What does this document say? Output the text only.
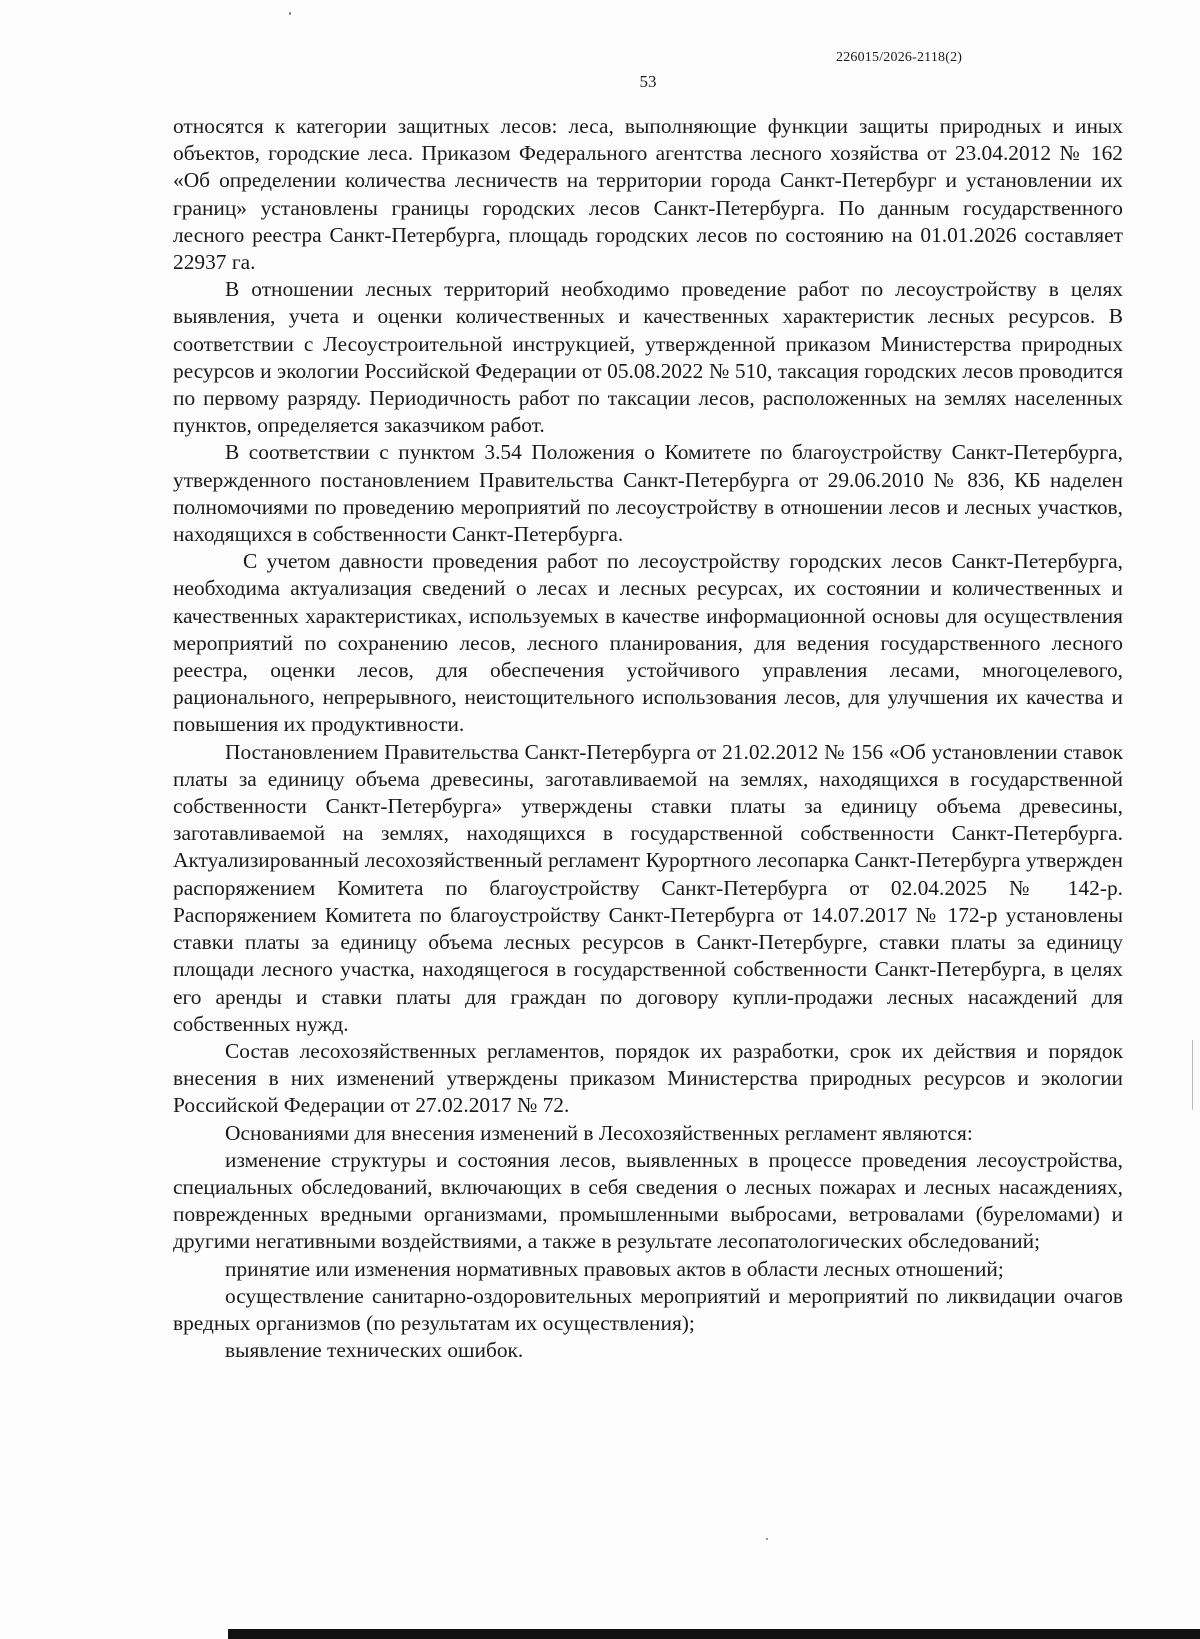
226015/2026-2118(2)
53

относятся к категории защитных лесов: леса, выполняющие функции защиты природных и иных объектов, городские леса. Приказом Федерального агентства лесного хозяйства от 23.04.2012 № 162 «Об определении количества лесничеств на территории города Санкт-Петербург и установлении их границ» установлены границы городских лесов Санкт-Петербурга. По данным государственного лесного реестра Санкт-Петербурга, площадь городских лесов по состоянию на 01.01.2026 составляет 22937 га.

В отношении лесных территорий необходимо проведение работ по лесоустройству в целях выявления, учета и оценки количественных и качественных характеристик лесных ресурсов. В соответствии с Лесоустроительной инструкцией, утвержденной приказом Министерства природных ресурсов и экологии Российской Федерации от 05.08.2022 № 510, таксация городских лесов проводится по первому разряду. Периодичность работ по таксации лесов, расположенных на землях населенных пунктов, определяется заказчиком работ.

В соответствии с пунктом 3.54 Положения о Комитете по благоустройству Санкт-Петербурга, утвержденного постановлением Правительства Санкт-Петербурга от 29.06.2010 № 836, КБ наделен полномочиями по проведению мероприятий по лесоустройству в отношении лесов и лесных участков, находящихся в собственности Санкт-Петербурга.

С учетом давности проведения работ по лесоустройству городских лесов Санкт-Петербурга, необходима актуализация сведений о лесах и лесных ресурсах, их состоянии и количественных и качественных характеристиках, используемых в качестве информационной основы для осуществления мероприятий по сохранению лесов, лесного планирования, для ведения государственного лесного реестра, оценки лесов, для обеспечения устойчивого управления лесами, многоцелевого, рационального, непрерывного, неистощительного использования лесов, для улучшения их качества и повышения их продуктивности.

Постановлением Правительства Санкт-Петербурга от 21.02.2012 № 156 «Об установлении ставок платы за единицу объема древесины, заготавливаемой на землях, находящихся в государственной собственности Санкт-Петербурга» утверждены ставки платы за единицу объема древесины, заготавливаемой на землях, находящихся в государственной собственности Санкт-Петербурга. Актуализированный лесохозяйственный регламент Курортного лесопарка Санкт-Петербурга утвержден распоряжением Комитета по благоустройству Санкт-Петербурга от 02.04.2025 № 142-р. Распоряжением Комитета по благоустройству Санкт-Петербурга от 14.07.2017 № 172-р установлены ставки платы за единицу объема лесных ресурсов в Санкт-Петербурге, ставки платы за единицу площади лесного участка, находящегося в государственной собственности Санкт-Петербурга, в целях его аренды и ставки платы для граждан по договору купли-продажи лесных насаждений для собственных нужд.

Состав лесохозяйственных регламентов, порядок их разработки, срок их действия и порядок внесения в них изменений утверждены приказом Министерства природных ресурсов и экологии Российской Федерации от 27.02.2017 № 72.

Основаниями для внесения изменений в Лесохозяйственных регламент являются:

изменение структуры и состояния лесов, выявленных в процессе проведения лесоустройства, специальных обследований, включающих в себя сведения о лесных пожарах и лесных насаждениях, поврежденных вредными организмами, промышленными выбросами, ветровалами (буреломами) и другими негативными воздействиями, а также в результате лесопатологических обследований;

принятие или изменения нормативных правовых актов в области лесных отношений;

осуществление санитарно-оздоровительных мероприятий и мероприятий по ликвидации очагов вредных организмов (по результатам их осуществления);

выявление технических ошибок.
